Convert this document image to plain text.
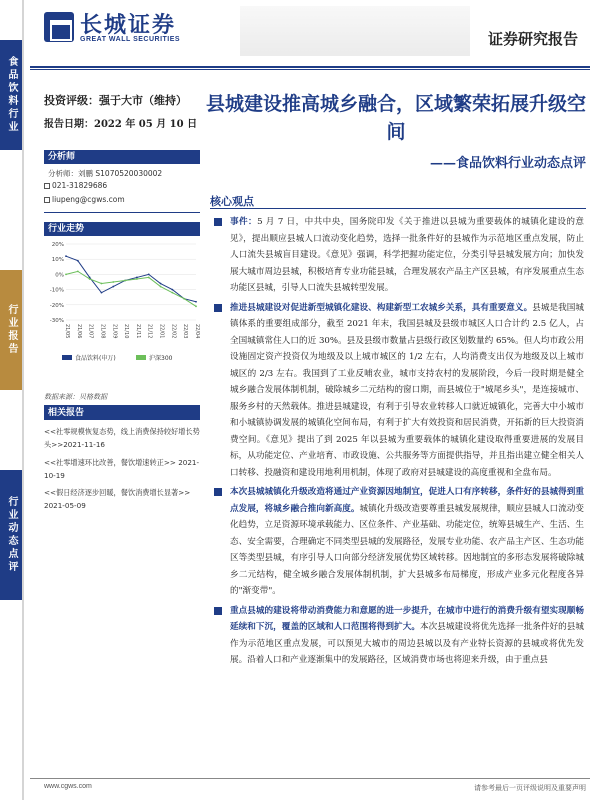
食品饮料行业
行业报告
行业动态点评
长城证券
GREAT WALL SECURITIES	证券研究报告
投资评级：强于大市（维持）
报告日期：2022 年 05 月 10 日
分析师
分析师：刘鹏 S1070520030002
021-31829686
liupeng@cgws.com
行业走势
20%
10%
0%
-10%
-20%
-30%
21/05 21/06 21/07 21/08 21/09 21/10 21/11 21/12 22/01 22/02 22/03 22/04
食品饮料(申万)	沪深300
数据来源：贝格数据
相关报告
<<社零规模恢复态势，线上消费保持较好增长势头>>2021-11-16
<<社零增速环比改善，餐饮增速转正>> 2021-10-19
<<假日经济逐步回暖，餐饮消费增长显著>> 2021-05-09
县城建设推高城乡融合，区域繁荣拓展升级空间
——食品饮料行业动态点评
核心观点
事件：5 月 7 日，中共中央，国务院印发《关于推进以县城为重要载体的城镇化建设的意见》，提出顺应县城人口流动变化趋势，选择一批条件好的县城作为示范地区重点发展，防止人口流失县城盲目建设。《意见》强调，科学把握功能定位，分类引导县城发展方向；加快发展大城市周边县城，积极培育专业功能县城，合理发展农产品主产区县城，有序发展重点生态功能区县城，引导人口流失县城转型发展。
推进县城建设对促进新型城镇化建设、构建新型工农城乡关系，具有重要意义。县城是我国城镇体系的重要组成部分，截至 2021 年末，我国县城及县级市城区人口合计约 2.5 亿人，占全国城镇常住人口的近 30%。县及县级市数量占县级行政区划数量约 65%。但人均市政公用设施固定资产投资仅为地级及以上城市城区的 1/2 左右，人均消费支出仅为地级及以上城市城区的 2/3 左右。我国到了工业反哺农业，城市支持农村的发展阶段，今后一段时期是健全城乡融合发展体制机制，破除城乡二元结构的窗口期，而县城位于"城尾乡头"，是连接城市、服务乡村的天然载体。推进县城建设，有利于引导农业转移人口就近城镇化，完善大中小城市和小城镇协调发展的城镇化空间布局，有利于扩大有效投资和居民消费，开拓新的巨大投资消费空间。《意见》提出了到 2025 年以县城为重要载体的城镇化建设取得重要进展的发展目标，从功能定位、产业培育、市政设施、公共服务等方面提供指导，并且指出建立健全相关人口转移、投融资和建设用地利用机制，体现了政府对县城建设的高度重视和全盘布局。
本次县城城镇化升级改造将通过产业资源因地制宜，促进人口有序转移，条件好的县城得到重点发展，将城乡融合推向新高度。城镇化升级改造要尊重县城发展规律，顺应县城人口流动变化趋势，立足资源环境承载能力、区位条件、产业基础、功能定位，统筹县城生产、生活、生态、安全需要，合理确定不同类型县城的发展路径，发展专业功能、农产品主产区、生态功能区等类型县城，有序引导人口向部分经济发展优势区域转移。因地制宜的多形态发展将破除城乡二元结构，健全城乡融合发展体制机制，扩大县城多布局梯度，形成产业多元化程度各异的"渐变带"。
重点县城的建设将带动消费能力和意愿的进一步提升，在城市中进行的消费升级有望实现顺畅延续和下沉，覆盖的区域和人口范围将得到扩大。本次县城建设将优先选择一批条件好的县城作为示范地区重点发展，可以预见大城市的周边县城以及有产业特长资源的县城或将优先发展。沿着人口和产业逐渐集中的发展路径，区域消费市场也将迎来升级，由于重点县
www.cgws.com	请参考最后一页评级说明及重要声明
